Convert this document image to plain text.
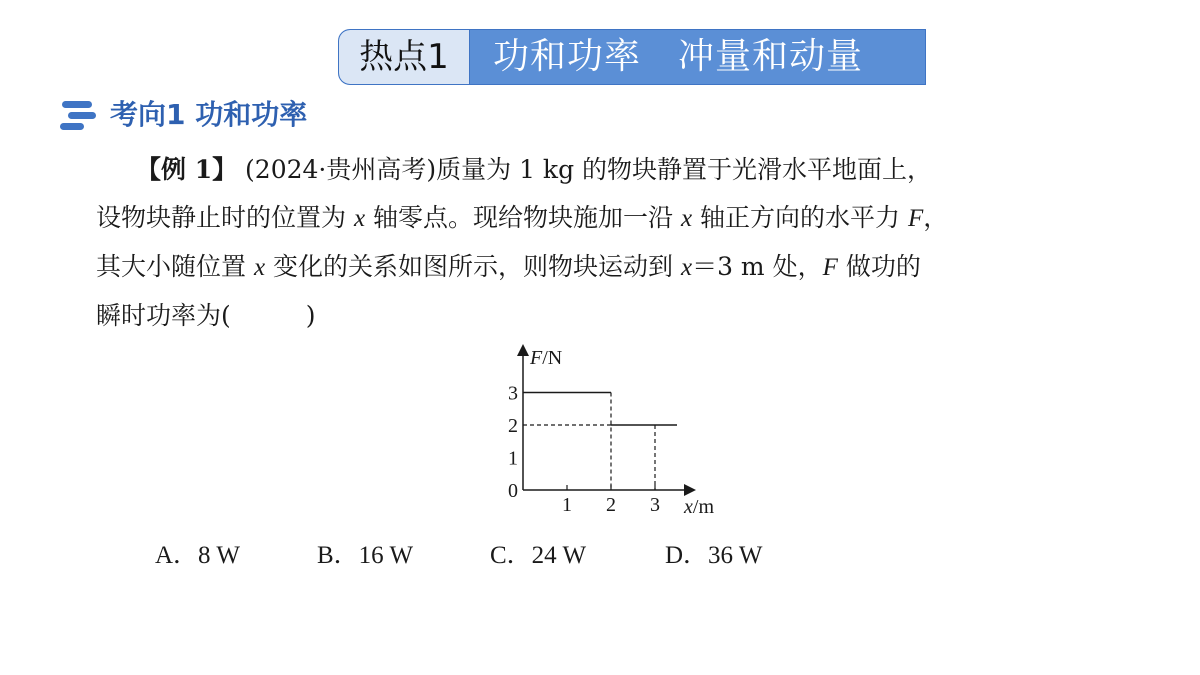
热点1	功和功率　冲量和动量
考向1 功和功率

【例 1】 (2024·贵州高考)质量为 1 kg 的物块静置于光滑水平地面上，

设物块静止时的位置为 x 轴零点。现给物块施加一沿 x 轴正方向的水平力 F，

其大小随位置 x 变化的关系如图所示，则物块运动到 x＝3 m 处，F 做功的

瞬时功率为(　　　)

1 2 3
3
2
1
0
F/N
x/m
A．8 W	B．16 W	C．24 W	D．36 W
